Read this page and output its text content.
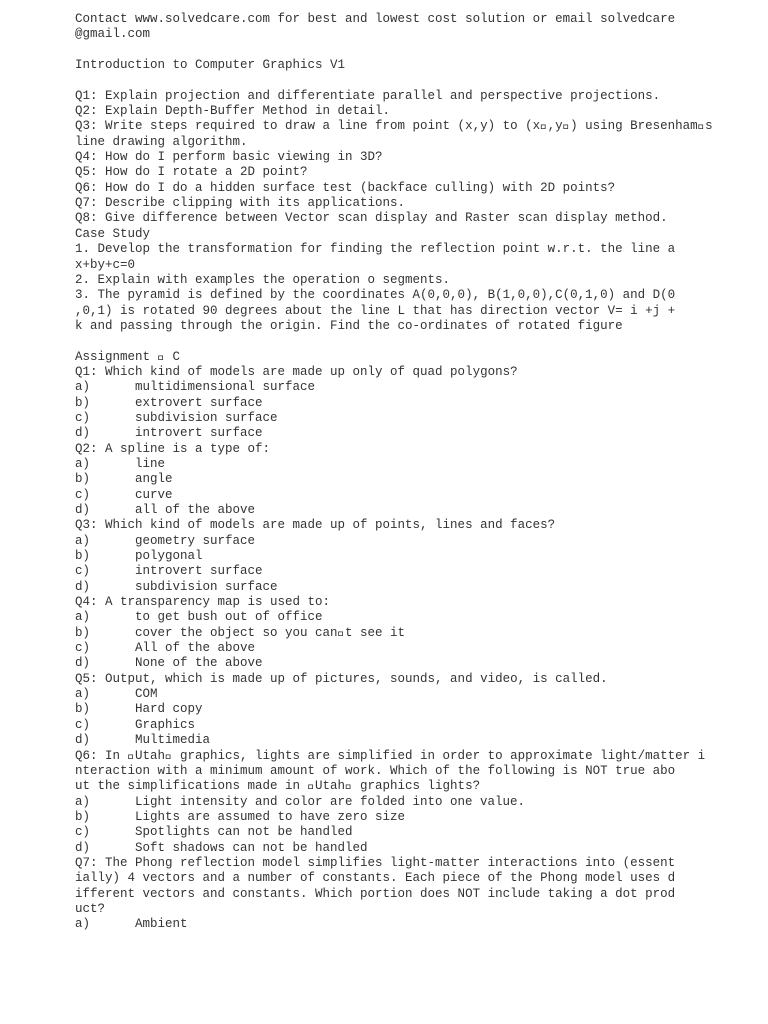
Contact www.solvedcare.com for best and lowest cost solution or email solvedcare
@gmail.com
Introduction to Computer Graphics V1
Q1: Explain projection and differentiate parallel and perspective projections.
Q2: Explain Depth-Buffer Method in detail.
Q3: Write steps required to draw a line from point (x,y) to (x ,y ) using Bresenham s
line drawing algorithm.
Q4: How do I perform basic viewing in 3D?
Q5: How do I rotate a 2D point?
Q6: How do I do a hidden surface test (backface culling) with 2D points?
Q7: Describe clipping with its applications.
Q8: Give difference between Vector scan display and Raster scan display method.
Case Study
1. Develop the transformation for finding the reflection point w.r.t. the line a
x+by+c=0
2. Explain with examples the operation o segments.
3. The pyramid is defined by the coordinates A(0,0,0), B(1,0,0),C(0,1,0) and D(0
,0,1) is rotated 90 degrees about the line L that has direction vector V= i +j +
k and passing through the origin. Find the co-ordinates of rotated figure
Assignment   C
Q1: Which kind of models are made up only of quad polygons?
a)	multidimensional surface
b)	extrovert surface
c)	subdivision surface
d)	introvert surface
Q2: A spline is a type of:
a)	line
b)	angle
c)	curve
d)	all of the above
Q3: Which kind of models are made up of points, lines and faces?
a)	geometry surface
b)	polygonal
c)	introvert surface
d)	subdivision surface
Q4: A transparency map is used to:
a)	to get bush out of office
b)	cover the object so you can t see it
c)	All of the above
d)	None of the above
Q5: Output, which is made up of pictures, sounds, and video, is called.
a)	COM
b)	Hard copy
c)	Graphics
d)	Multimedia
Q6: In  Utah  graphics, lights are simplified in order to approximate light/matter i
nteraction with a minimum amount of work. Which of the following is NOT true abo
ut the simplifications made in  Utah  graphics lights?
a)	Light intensity and color are folded into one value.
b)	Lights are assumed to have zero size
c)	Spotlights can not be handled
d)	Soft shadows can not be handled
Q7: The Phong reflection model simplifies light-matter interactions into (essent
ially) 4 vectors and a number of constants. Each piece of the Phong model uses d
ifferent vectors and constants. Which portion does NOT include taking a dot prod
uct?
a)	Ambient
